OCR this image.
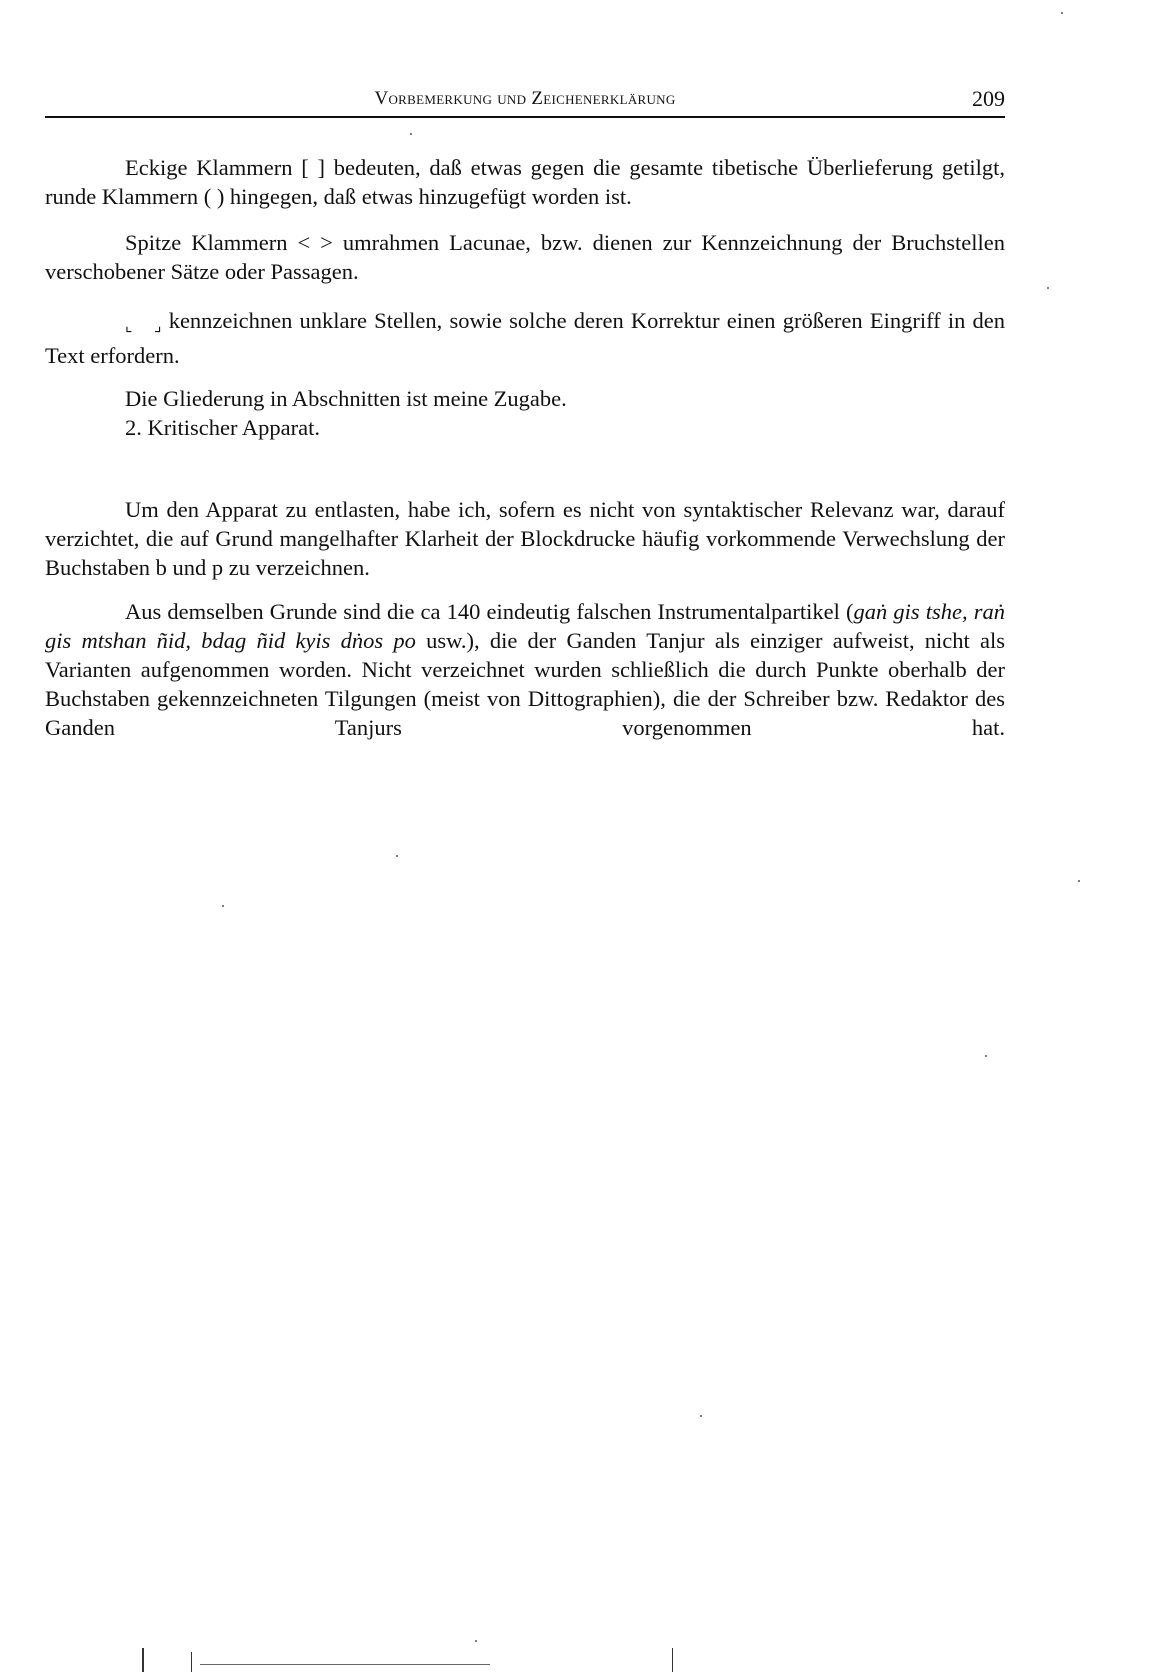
Vorbemerkung und Zeichenerklärung	209

Eckige Klammern [ ] bedeuten, daß etwas gegen die gesamte tibetische Überlieferung getilgt, runde Klammern ( ) hingegen, daß etwas hinzugefügt worden ist.

Spitze Klammern < > umrahmen Lacunae, bzw. dienen zur Kennzeichnung der Bruchstellen verschobener Sätze oder Passagen.

⌞ ⌟ kennzeichnen unklare Stellen, sowie solche deren Korrektur einen größeren Eingriff in den Text erfordern.

Die Gliederung in Abschnitten ist meine Zugabe.

2. Kritischer Apparat.

Um den Apparat zu entlasten, habe ich, sofern es nicht von syntaktischer Relevanz war, darauf verzichtet, die auf Grund mangelhafter Klarheit der Blockdrucke häufig vorkommende Verwechslung der Buchstaben b und p zu verzeichnen.

Aus demselben Grunde sind die ca 140 eindeutig falschen Instrumentalpartikel (gaṅ gis tshe, raṅ gis mtshan ñid, bdag ñid kyis dṅos po usw.), die der Ganden Tanjur als einziger aufweist, nicht als Varianten aufgenommen worden. Nicht verzeichnet wurden schließlich die durch Punkte oberhalb der Buchstaben gekennzeichneten Tilgungen (meist von Dittographien), die der Schreiber bzw. Redaktor des Ganden Tanjurs vorgenommen hat.
